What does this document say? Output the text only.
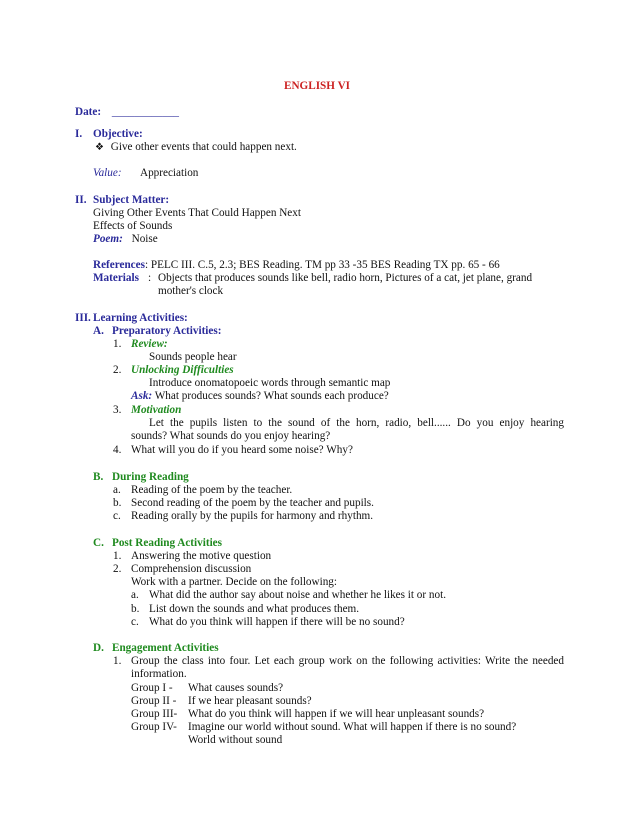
ENGLISH VI
Date: ____________
I. Objective:
❖ Give other events that could happen next.
Value: Appreciation
II. Subject Matter:
Giving Other Events That Could Happen Next
Effects of Sounds
Poem: Noise
References: PELC III. C.5, 2.3; BES Reading. TM pp 33 -35 BES Reading TX pp. 65 - 66
Materials : Objects that produces sounds like bell, radio horn, Pictures of a cat, jet plane, grand
mother's clock
III. Learning Activities:
A. Preparatory Activities:
1. Review:
Sounds people hear
2. Unlocking Difficulties
Introduce onomatopoeic words through semantic map
Ask: What produces sounds? What sounds each produce?
3. Motivation
Let the pupils listen to the sound of the horn, radio, bell...... Do you enjoy hearing
sounds? What sounds do you enjoy hearing?
4. What will you do if you heard some noise? Why?
B. During Reading
a. Reading of the poem by the teacher.
b. Second reading of the poem by the teacher and pupils.
c. Reading orally by the pupils for harmony and rhythm.
C. Post Reading Activities
1. Answering the motive question
2. Comprehension discussion
Work with a partner. Decide on the following:
a. What did the author say about noise and whether he likes it or not.
b. List down the sounds and what produces them.
c. What do you think will happen if there will be no sound?
D. Engagement Activities
1. Group the class into four. Let each group work on the following activities: Write the needed
information.
Group I - What causes sounds?
Group II - If we hear pleasant sounds?
Group III- What do you think will happen if we will hear unpleasant sounds?
Group IV- Imagine our world without sound. What will happen if there is no sound?
World without sound
